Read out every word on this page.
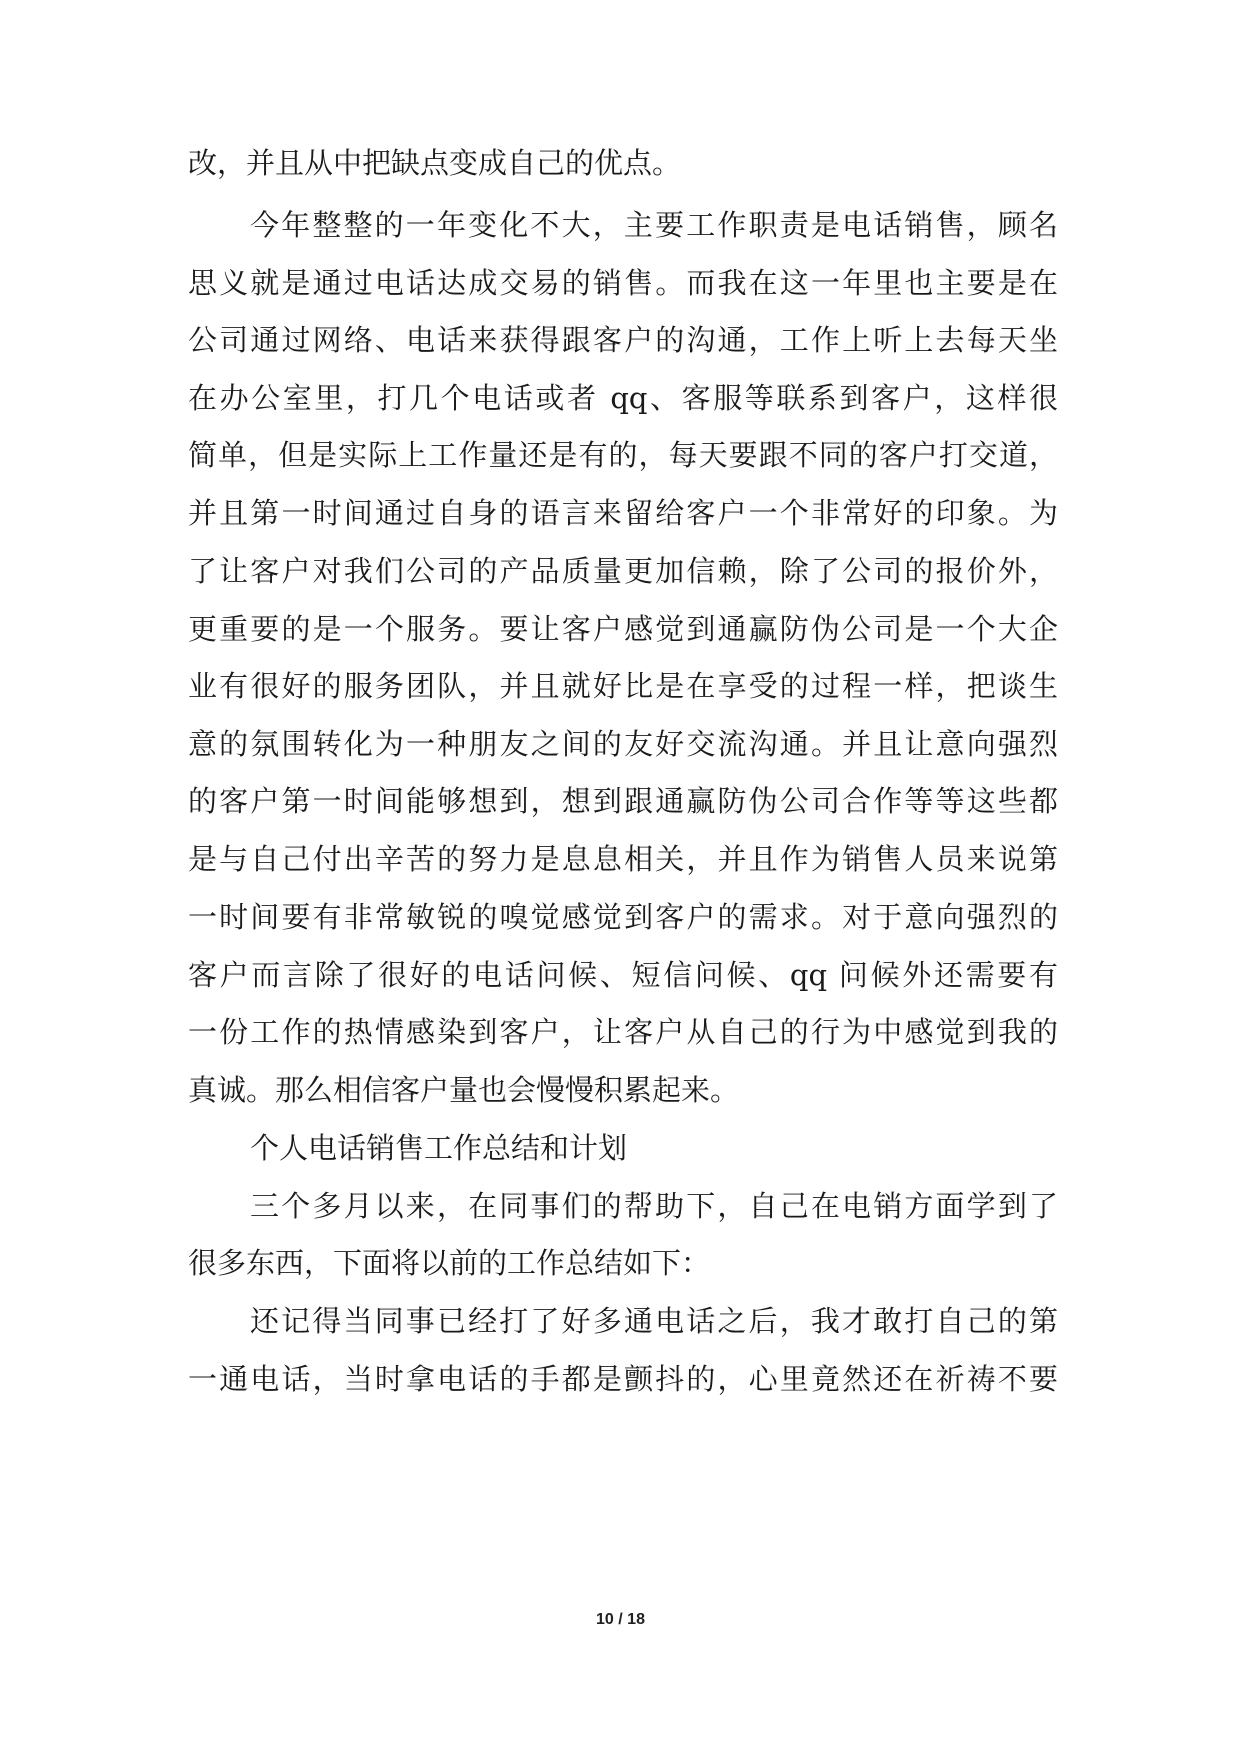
改，并且从中把缺点变成自己的优点。
今年整整的一年变化不大，主要工作职责是电话销售，顾名
思义就是通过电话达成交易的销售。而我在这一年里也主要是在
公司通过网络、电话来获得跟客户的沟通，工作上听上去每天坐
在办公室里，打几个电话或者 qq、客服等联系到客户，这样很
简单，但是实际上工作量还是有的，每天要跟不同的客户打交道，
并且第一时间通过自身的语言来留给客户一个非常好的印象。为
了让客户对我们公司的产品质量更加信赖，除了公司的报价外，
更重要的是一个服务。要让客户感觉到通赢防伪公司是一个大企
业有很好的服务团队，并且就好比是在享受的过程一样，把谈生
意的氛围转化为一种朋友之间的友好交流沟通。并且让意向强烈
的客户第一时间能够想到，想到跟通赢防伪公司合作等等这些都
是与自己付出辛苦的努力是息息相关，并且作为销售人员来说第
一时间要有非常敏锐的嗅觉感觉到客户的需求。对于意向强烈的
客户而言除了很好的电话问候、短信问候、qq 问候外还需要有
一份工作的热情感染到客户，让客户从自己的行为中感觉到我的
真诚。那么相信客户量也会慢慢积累起来。
个人电话销售工作总结和计划
三个多月以来，在同事们的帮助下，自己在电销方面学到了
很多东西，下面将以前的工作总结如下：
还记得当同事已经打了好多通电话之后，我才敢打自己的第
一通电话，当时拿电话的手都是颤抖的，心里竟然还在祈祷不要
10 / 18
